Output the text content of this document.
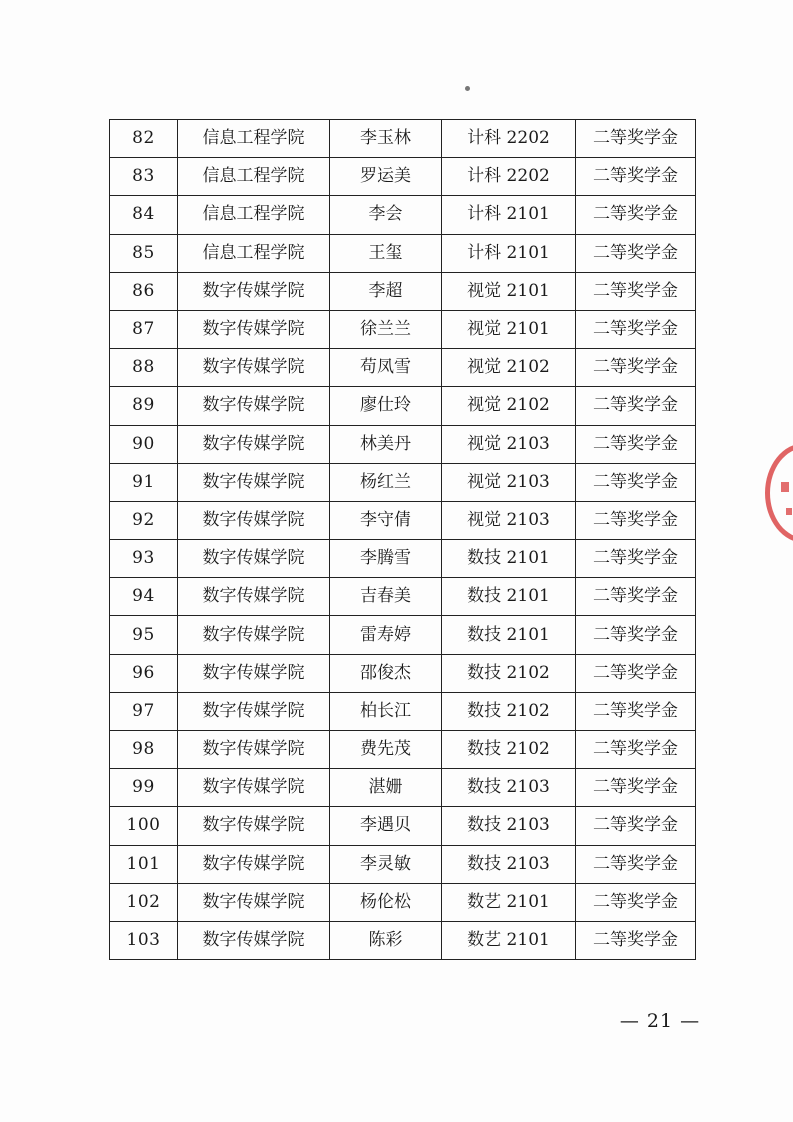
82	信息工程学院	李玉林	计科 2202	二等奖学金
83	信息工程学院	罗运美	计科 2202	二等奖学金
84	信息工程学院	李会	计科 2101	二等奖学金
85	信息工程学院	王玺	计科 2101	二等奖学金
86	数字传媒学院	李超	视觉 2101	二等奖学金
87	数字传媒学院	徐兰兰	视觉 2101	二等奖学金
88	数字传媒学院	苟凤雪	视觉 2102	二等奖学金
89	数字传媒学院	廖仕玲	视觉 2102	二等奖学金
90	数字传媒学院	林美丹	视觉 2103	二等奖学金
91	数字传媒学院	杨红兰	视觉 2103	二等奖学金
92	数字传媒学院	李守倩	视觉 2103	二等奖学金
93	数字传媒学院	李腾雪	数技 2101	二等奖学金
94	数字传媒学院	吉春美	数技 2101	二等奖学金
95	数字传媒学院	雷寿婷	数技 2101	二等奖学金
96	数字传媒学院	邵俊杰	数技 2102	二等奖学金
97	数字传媒学院	柏长江	数技 2102	二等奖学金
98	数字传媒学院	费先茂	数技 2102	二等奖学金
99	数字传媒学院	湛姗	数技 2103	二等奖学金
100	数字传媒学院	李遇贝	数技 2103	二等奖学金
101	数字传媒学院	李灵敏	数技 2103	二等奖学金
102	数字传媒学院	杨伦松	数艺 2101	二等奖学金
103	数字传媒学院	陈彩	数艺 2101	二等奖学金
— 21 —
